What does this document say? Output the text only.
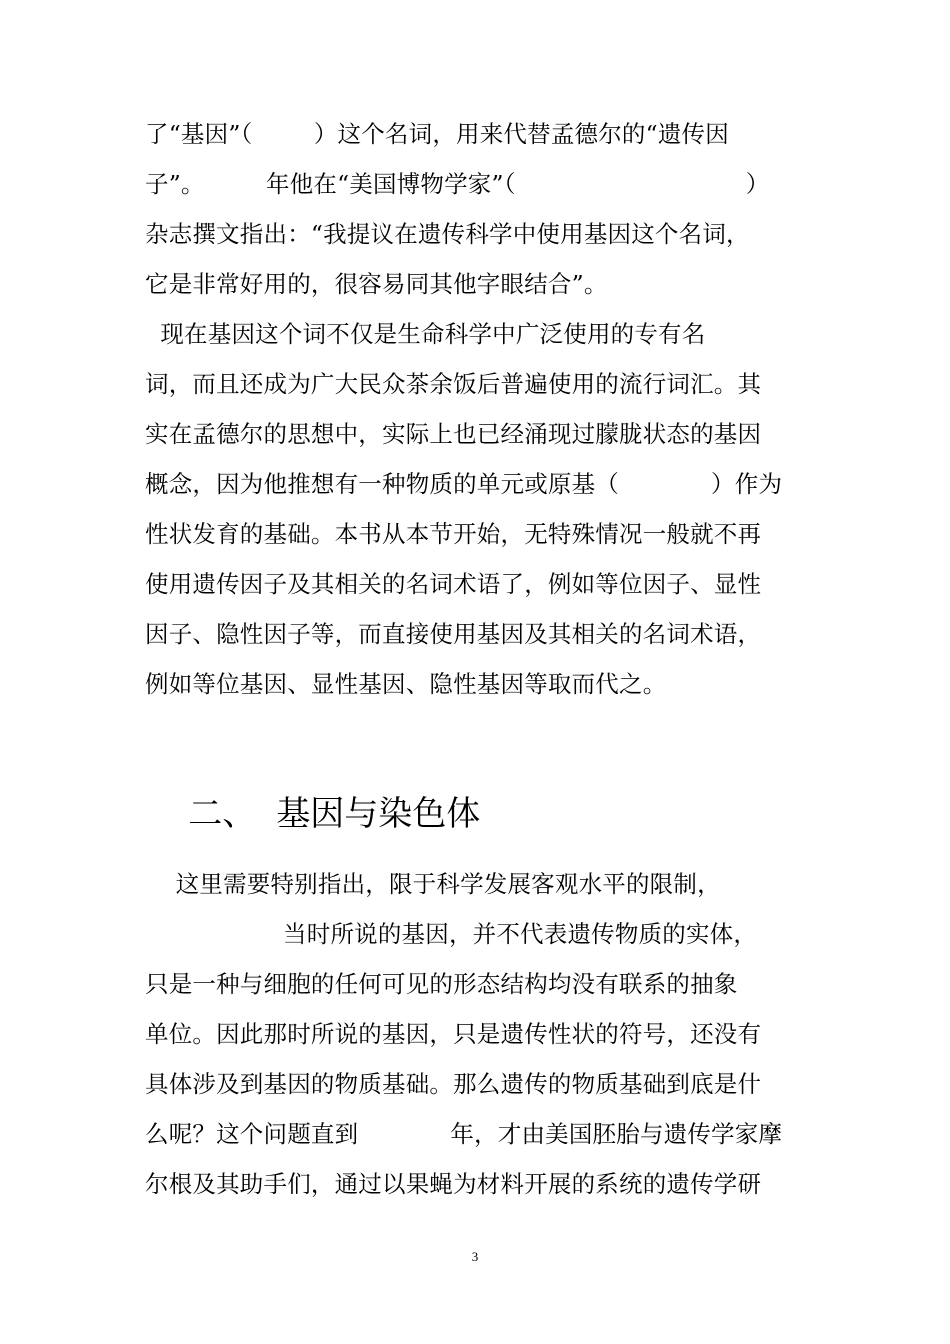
了“基因”（        ）这个名词，用来代替孟德尔的“遗传因
子”。        年他在“美国博物学家”（                              ）
杂志撰文指出：“我提议在遗传科学中使用基因这个名词，
它是非常好用的，很容易同其他字眼结合”。
现在基因这个词不仅是生命科学中广泛使用的专有名
词，而且还成为广大民众茶余饭后普遍使用的流行词汇。其
实在孟德尔的思想中，实际上也已经涌现过朦胧状态的基因
概念，因为他推想有一种物质的单元或原基（            ）作为
性状发育的基础。本书从本节开始，无特殊情况一般就不再
使用遗传因子及其相关的名词术语了，例如等位因子、显性
因子、隐性因子等，而直接使用基因及其相关的名词术语，
例如等位基因、显性基因、隐性基因等取而代之。

二、 基因与染色体

这里需要特别指出，限于科学发展客观水平的限制，
当时所说的基因，并不代表遗传物质的实体，
只是一种与细胞的任何可见的形态结构均没有联系的抽象
单位。因此那时所说的基因，只是遗传性状的符号，还没有
具体涉及到基因的物质基础。那么遗传的物质基础到底是什
么呢？这个问题直到            年，才由美国胚胎与遗传学家摩
尔根及其助手们，通过以果蝇为材料开展的系统的遗传学研
3
